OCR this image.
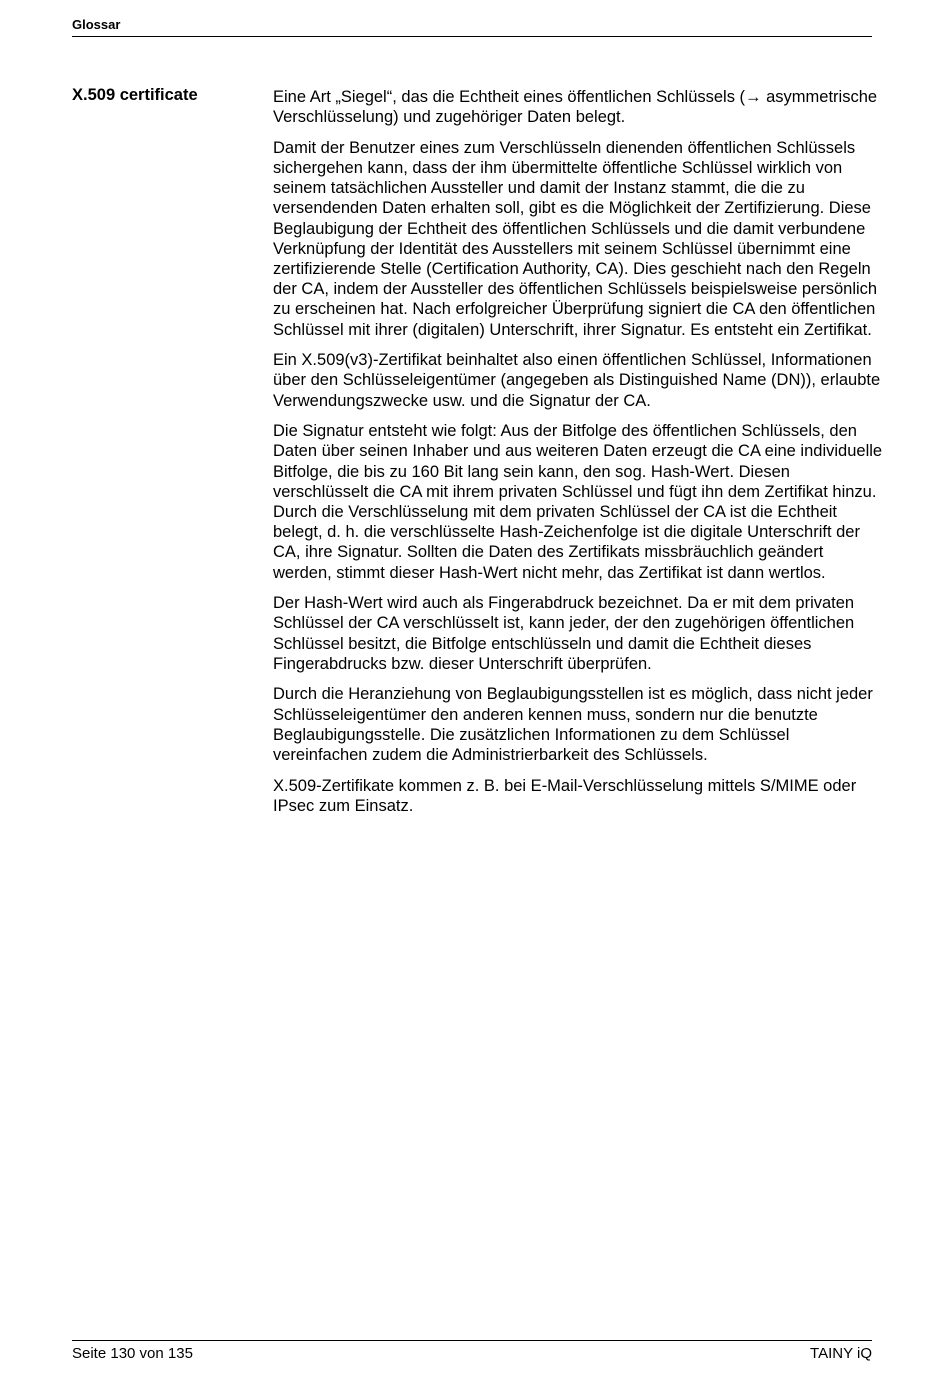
Glossar
X.509 certificate	Eine Art „Siegel“, das die Echtheit eines öffentlichen Schlüssels (→ asymmetrische Verschlüsselung) und zugehöriger Daten belegt.

Damit der Benutzer eines zum Verschlüsseln dienenden öffentlichen Schlüssels sichergehen kann, dass der ihm übermittelte öffentliche Schlüssel wirklich von seinem tatsächlichen Aussteller und damit der Instanz stammt, die die zu versendenden Daten erhalten soll, gibt es die Möglichkeit der Zertifizierung. Diese Beglaubigung der Echtheit des öffentlichen Schlüssels und die damit verbundene Verknüpfung der Identität des Ausstellers mit seinem Schlüssel übernimmt eine zertifizierende Stelle (Certification Authority, CA). Dies geschieht nach den Regeln der CA, indem der Aussteller des öffentlichen Schlüssels beispielsweise persönlich zu erscheinen hat. Nach erfolgreicher Überprüfung signiert die CA den öffentlichen Schlüssel mit ihrer (digitalen) Unterschrift, ihrer Signatur. Es entsteht ein Zertifikat.

Ein X.509(v3)-Zertifikat beinhaltet also einen öffentlichen Schlüssel, Informationen über den Schlüsseleigentümer (angegeben als Distinguished Name (DN)), erlaubte Verwendungszwecke usw. und die Signatur der CA.

Die Signatur entsteht wie folgt: Aus der Bitfolge des öffentlichen Schlüssels, den Daten über seinen Inhaber und aus weiteren Daten erzeugt die CA eine individuelle Bitfolge, die bis zu 160 Bit lang sein kann, den sog. Hash-Wert. Diesen verschlüsselt die CA mit ihrem privaten Schlüssel und fügt ihn dem Zertifikat hinzu. Durch die Verschlüsselung mit dem privaten Schlüssel der CA ist die Echtheit belegt, d. h. die verschlüsselte Hash-Zeichenfolge ist die digitale Unterschrift der CA, ihre Signatur. Sollten die Daten des Zertifikats missbräuchlich geändert werden, stimmt dieser Hash-Wert nicht mehr, das Zertifikat ist dann wertlos.

Der Hash-Wert wird auch als Fingerabdruck bezeichnet. Da er mit dem privaten Schlüssel der CA verschlüsselt ist, kann jeder, der den zugehörigen öffentlichen Schlüssel besitzt, die Bitfolge entschlüsseln und damit die Echtheit dieses Fingerabdrucks bzw. dieser Unterschrift überprüfen.

Durch die Heranziehung von Beglaubigungsstellen ist es möglich, dass nicht jeder Schlüsseleigentümer den anderen kennen muss, sondern nur die benutzte Beglaubigungsstelle. Die zusätzlichen Informationen zu dem Schlüssel vereinfachen zudem die Administrierbarkeit des Schlüssels.

X.509-Zertifikate kommen z. B. bei E-Mail-Verschlüsselung mittels S/MIME oder IPsec zum Einsatz.

Seite 130 von 135	TAINY iQ
